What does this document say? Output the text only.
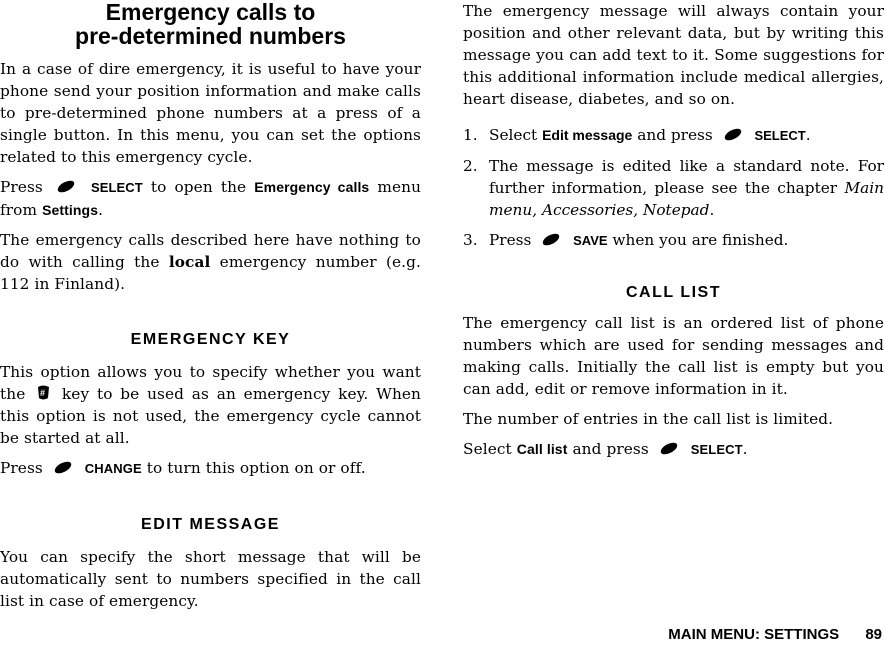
Emergency calls to
pre-determined numbers

In a case of dire emergency, it is useful to have your phone send your position information and make calls to pre-determined phone numbers at a press of a single button. In this menu, you can set the options related to this emergency cycle.

Press	SELECT to open the Emergency calls menu from Settings.

The emergency calls described here have nothing to do with calling the local emergency number (e.g. 112 in Finland).

EMERGENCY KEY

This option allows you to specify whether you want the # key to be used as an emergency key. When this option is not used, the emergency cycle cannot be started at all.

Press	CHANGE to turn this option on or off.

EDIT MESSAGE

You can specify the short message that will be automatically sent to numbers specified in the call list in case of emergency.

The emergency message will always contain your position and other relevant data, but by writing this message you can add text to it. Some suggestions for this additional information include medical allergies, heart disease, diabetes, and so on.

1. Select Edit message and press	SELECT.
2. The message is edited like a standard note. For further information, please see the chapter Main menu, Accessories, Notepad.
3. Press	SAVE when you are finished.
CALL LIST

The emergency call list is an ordered list of phone numbers which are used for sending messages and making calls. Initially the call list is empty but you can add, edit or remove information in it.

The number of entries in the call list is limited.

Select Call list and press	SELECT.

MAIN MENU: SETTINGS 89
